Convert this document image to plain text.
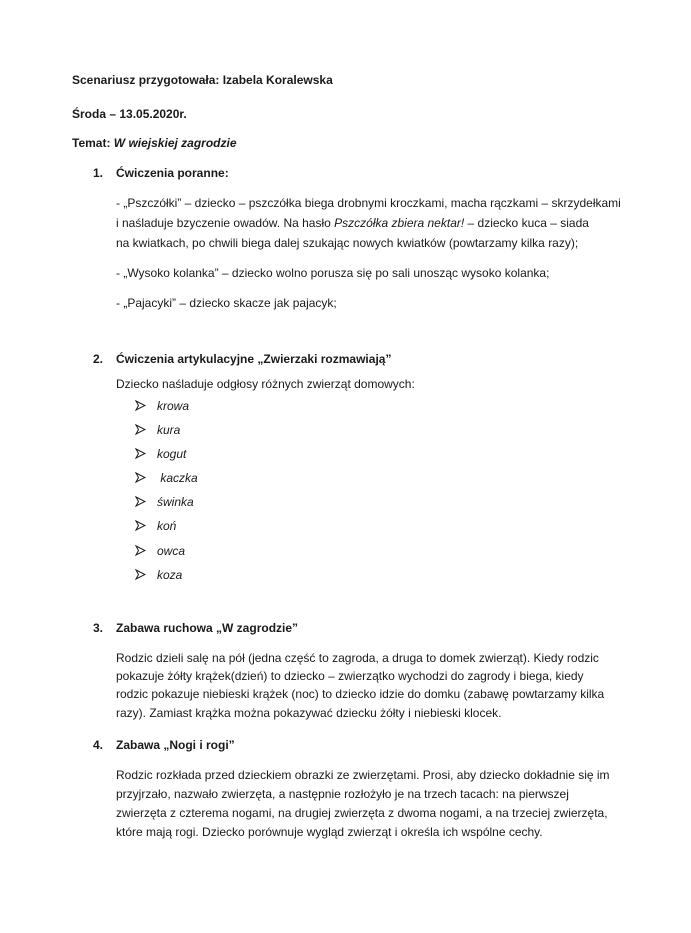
Scenariusz przygotowała: Izabela Koralewska
Środa – 13.05.2020r.
Temat: W wiejskiej zagrodzie
1. Ćwiczenia poranne:
- „Pszczółki” – dziecko – pszczółka biega drobnymi kroczkami, macha rączkami – skrzydełkami
i naśladuje bzyczenie owadów. Na hasło Pszczółka zbiera nektar! – dziecko kuca – siada
na kwiatkach, po chwili biega dalej szukając nowych kwiatków (powtarzamy kilka razy);
- „Wysoko kolanka” – dziecko wolno porusza się po sali unosząc wysoko kolanka;
- „Pajacyki” – dziecko skacze jak pajacyk;
2. Ćwiczenia artykulacyjne „Zwierzaki rozmawiają”
Dziecko naśladuje odgłosy różnych zwierząt domowych:
krowa
kura
kogut
kaczka
świnka
koń
owca
koza
3. Zabawa ruchowa „W zagrodzie”
Rodzic dzieli salę na pół (jedna część to zagroda, a druga to domek zwierząt). Kiedy rodzic
pokazuje żółty krążek(dzień) to dziecko – zwierzątko wychodzi do zagrody i biega, kiedy
rodzic pokazuje niebieski krążek (noc) to dziecko idzie do domku (zabawę powtarzamy kilka
razy). Zamiast krążka można pokazywać dziecku żółty i niebieski klocek.
4. Zabawa „Nogi i rogi”
Rodzic rozkłada przed dzieckiem obrazki ze zwierzętami. Prosi, aby dziecko dokładnie się im
przyjrzało, nazwało zwierzęta, a następnie rozłożyło je na trzech tacach: na pierwszej
zwierzęta z czterema nogami, na drugiej zwierzęta z dwoma nogami, a na trzeciej zwierzęta,
które mają rogi. Dziecko porównuje wygląd zwierząt i określa ich wspólne cechy.
